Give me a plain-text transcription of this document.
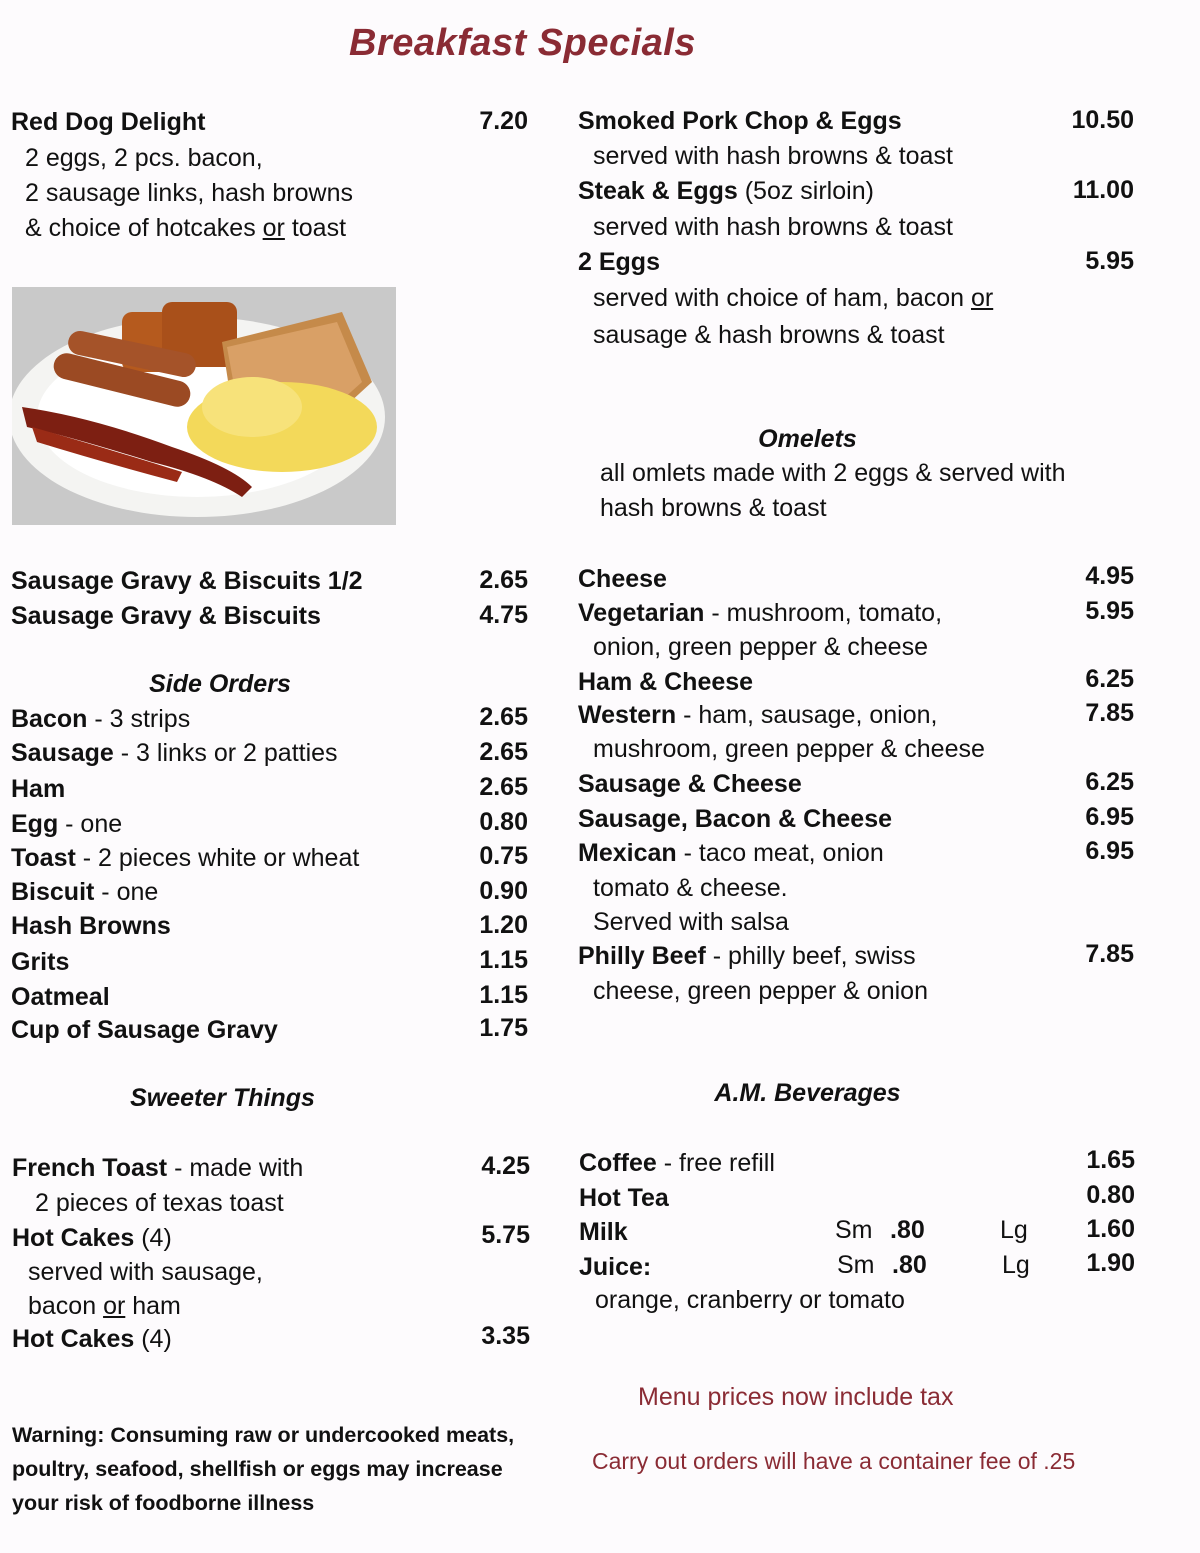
Breakfast Specials
Red Dog Delight	7.20
2 eggs, 2 pcs. bacon,
2 sausage links, hash browns
& choice of hotcakes or toast
Sausage Gravy & Biscuits 1/2	2.65
Sausage Gravy & Biscuits	4.75
Side Orders
Bacon - 3 strips	2.65
Sausage - 3 links or 2 patties	2.65
Ham	2.65
Egg - one	0.80
Toast - 2 pieces white or wheat	0.75
Biscuit - one	0.90
Hash Browns	1.20
Grits	1.15
Oatmeal	1.15
Cup of Sausage Gravy	1.75
Sweeter Things
French Toast - made with	4.25
2 pieces of texas toast
Hot Cakes (4)	5.75
served with sausage,
bacon or ham
Hot Cakes (4)	3.35
Warning: Consuming raw or undercooked meats, poultry, seafood, shellfish or eggs may increase your risk of foodborne illness
Smoked Pork Chop & Eggs	10.50
served with hash browns & toast
Steak & Eggs (5oz sirloin)	11.00
served with hash browns & toast
2 Eggs	5.95
served with choice of ham, bacon or
sausage & hash browns & toast
Omelets
all omlets made with 2 eggs & served with
hash browns & toast
Cheese	4.95
Vegetarian - mushroom, tomato,	5.95
onion, green pepper & cheese
Ham & Cheese	6.25
Western - ham, sausage, onion,	7.85
mushroom, green pepper & cheese
Sausage & Cheese	6.25
Sausage, Bacon & Cheese	6.95
Mexican - taco meat, onion	6.95
tomato & cheese.
Served with salsa
Philly Beef - philly beef, swiss	7.85
cheese, green pepper & onion
A.M. Beverages
Coffee - free refill	1.65
Hot Tea	0.80
Milk	Sm .80	Lg	1.60
Juice:	Sm .80	Lg	1.90
orange, cranberry or tomato
Menu prices now include tax
Carry out orders will have a container fee of .25
